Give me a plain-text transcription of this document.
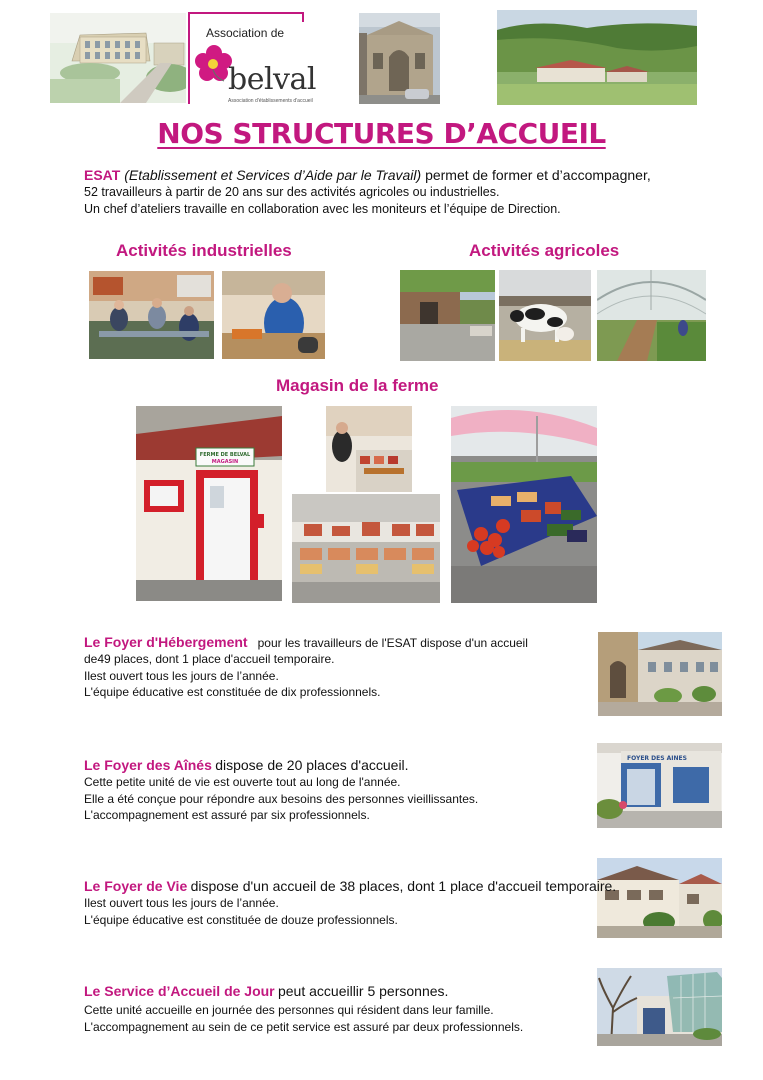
Association de
belval
Association d'établissements d'accueil
NOS STRUCTURES D’ACCUEIL
ESAT (Etablissement et Services d’Aide par le Travail) permet de former et d’accompagner,
52 travailleurs à partir de 20 ans sur des activités agricoles ou industrielles.
Un chef d’ateliers travaille en collaboration avec les moniteurs et l’équipe de Direction.
Activités industrielles	Activités agricoles
Magasin de la ferme
FERME DE BELVAL
MAGASIN

Le Foyer d'Hébergement pour les travailleurs de l'ESAT dispose d'un accueil

de49 places, dont 1 place d'accueil temporaire.

Ilest ouvert tous les jours de l’année.

L'équipe éducative est constituée de dix professionnels.

Le Foyer des Aînés dispose de 20 places d'accueil.

Cette petite unité de vie est ouverte tout au long de l'année.

Elle a été conçue pour répondre aux besoins des personnes vieillissantes.

L'accompagnement est assuré par six professionnels.

FOYER DES AINES

Le Foyer de Vie dispose d'un accueil de 38 places, dont 1 place d'accueil temporaire.

Ilest ouvert tous les jours de l’année.

L'équipe éducative est constituée de douze professionnels.

Le Service d’Accueil de Jour peut accueillir 5 personnes.

Cette unité accueille en journée des personnes qui résident dans leur famille.

L'accompagnement au sein de ce petit service est assuré par deux professionnels.
